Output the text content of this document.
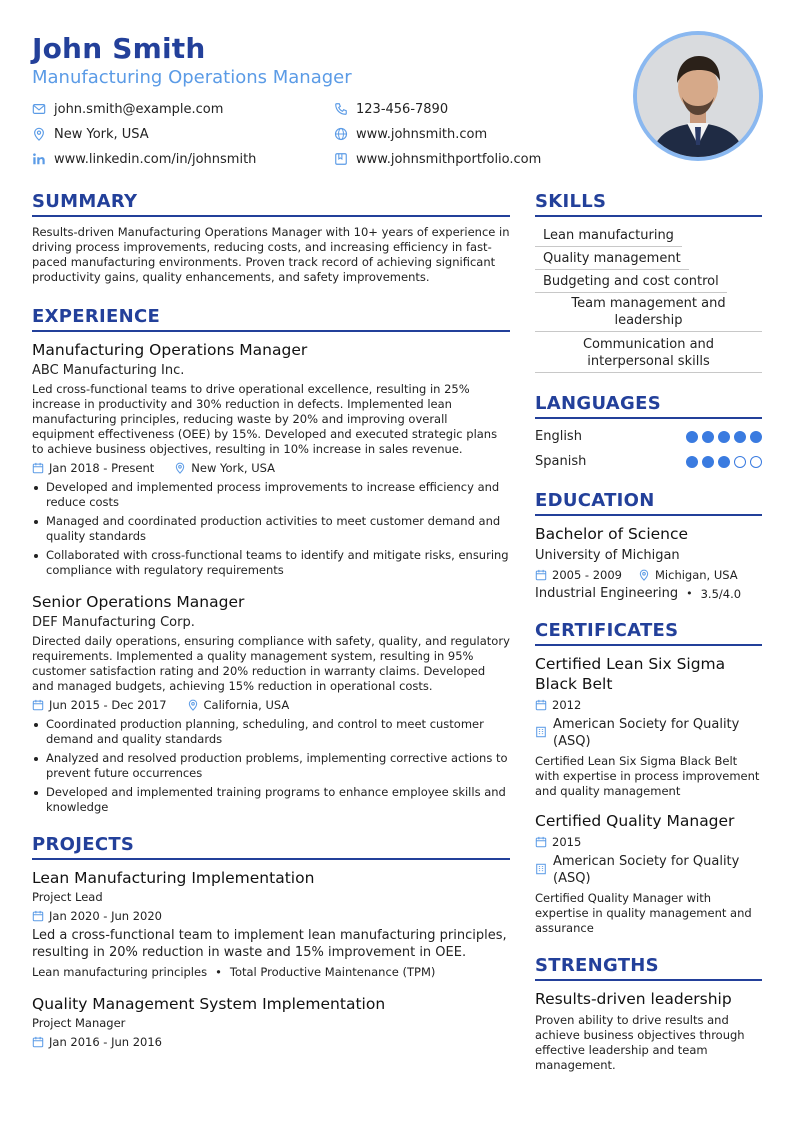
John Smith
Manufacturing Operations Manager
john.smith@example.com	123-456-7890
New York, USA	www.johnsmith.com
www.linkedin.com/in/johnsmith	www.johnsmithportfolio.com
SUMMARY
Results-driven Manufacturing Operations Manager with 10+ years of experience in driving process improvements, reducing costs, and increasing efficiency in fast-paced manufacturing environments. Proven track record of achieving significant productivity gains, quality enhancements, and safety improvements.
EXPERIENCE
Manufacturing Operations Manager
ABC Manufacturing Inc.
Led cross-functional teams to drive operational excellence, resulting in 25% increase in productivity and 30% reduction in defects. Implemented lean manufacturing principles, reducing waste by 20% and improving overall equipment effectiveness (OEE) by 15%. Developed and executed strategic plans to achieve business objectives, resulting in 10% increase in sales revenue.
Jan 2018 - Present	New York, USA
Developed and implemented process improvements to increase efficiency and reduce costs
Managed and coordinated production activities to meet customer demand and quality standards
Collaborated with cross-functional teams to identify and mitigate risks, ensuring compliance with regulatory requirements
Senior Operations Manager
DEF Manufacturing Corp.
Directed daily operations, ensuring compliance with safety, quality, and regulatory requirements. Implemented a quality management system, resulting in 95% customer satisfaction rating and 20% reduction in warranty claims. Developed and managed budgets, achieving 15% reduction in operational costs.
Jun 2015 - Dec 2017	California, USA
Coordinated production planning, scheduling, and control to meet customer demand and quality standards
Analyzed and resolved production problems, implementing corrective actions to prevent future occurrences
Developed and implemented training programs to enhance employee skills and knowledge
PROJECTS
Lean Manufacturing Implementation
Project Lead
Jan 2020 - Jun 2020
Led a cross-functional team to implement lean manufacturing principles, resulting in 20% reduction in waste and 15% improvement in OEE.
Lean manufacturing principles • Total Productive Maintenance (TPM)
Quality Management System Implementation
Project Manager
Jan 2016 - Jun 2016
SKILLS
Lean manufacturing
Quality management
Budgeting and cost control
Team management and leadership
Communication and interpersonal skills
LANGUAGES
English
Spanish
EDUCATION
Bachelor of Science
University of Michigan
2005 - 2009	Michigan, USA
Industrial Engineering • 3.5/4.0
CERTIFICATES
Certified Lean Six Sigma Black Belt
2012
American Society for Quality (ASQ)
Certified Lean Six Sigma Black Belt with expertise in process improvement and quality management
Certified Quality Manager
2015
American Society for Quality (ASQ)
Certified Quality Manager with expertise in quality management and assurance
STRENGTHS
Results-driven leadership
Proven ability to drive results and achieve business objectives through effective leadership and team management.
